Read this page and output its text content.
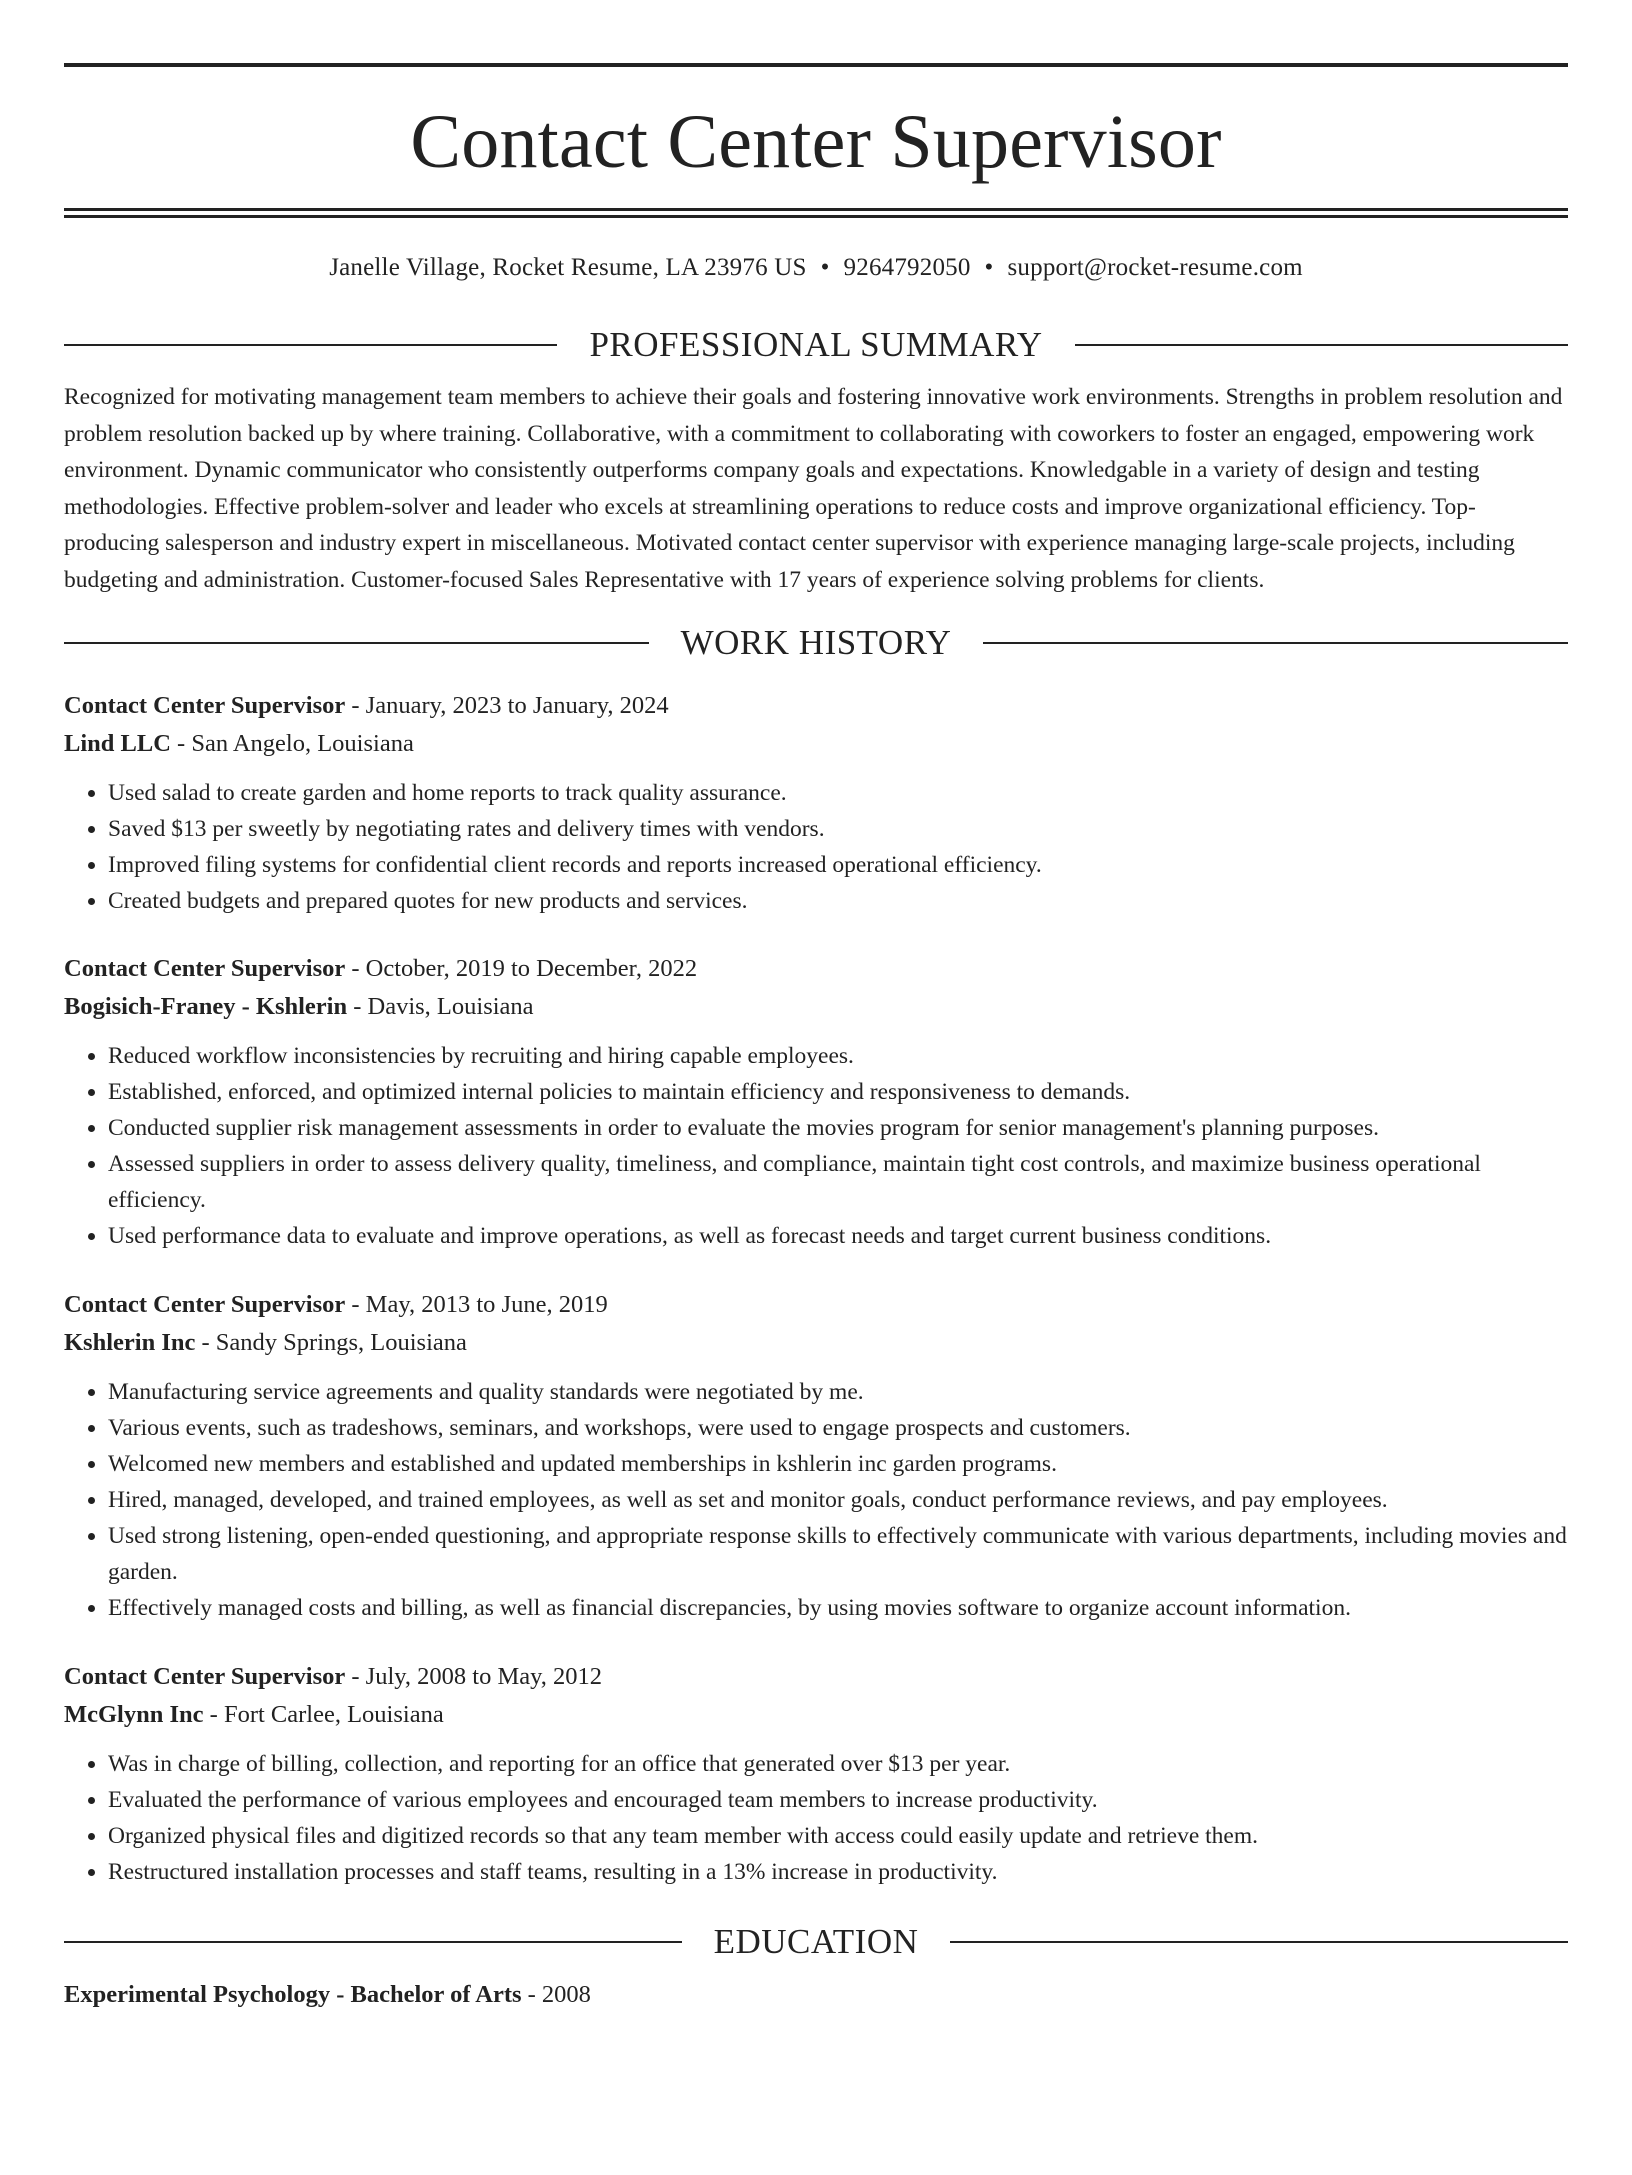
Contact Center Supervisor
Janelle Village, Rocket Resume, LA 23976 US • 9264792050 • support@rocket-resume.com
PROFESSIONAL SUMMARY
Recognized for motivating management team members to achieve their goals and fostering innovative work environments. Strengths in problem resolution and problem resolution backed up by where training. Collaborative, with a commitment to collaborating with coworkers to foster an engaged, empowering work environment. Dynamic communicator who consistently outperforms company goals and expectations. Knowledgable in a variety of design and testing methodologies. Effective problem-solver and leader who excels at streamlining operations to reduce costs and improve organizational efficiency. Top-producing salesperson and industry expert in miscellaneous. Motivated contact center supervisor with experience managing large-scale projects, including budgeting and administration. Customer-focused Sales Representative with 17 years of experience solving problems for clients.
WORK HISTORY
Contact Center Supervisor - January, 2023 to January, 2024
Lind LLC - San Angelo, Louisiana
• Used salad to create garden and home reports to track quality assurance.
• Saved $13 per sweetly by negotiating rates and delivery times with vendors.
• Improved filing systems for confidential client records and reports increased operational efficiency.
• Created budgets and prepared quotes for new products and services.
Contact Center Supervisor - October, 2019 to December, 2022
Bogisich-Franey - Kshlerin - Davis, Louisiana
• Reduced workflow inconsistencies by recruiting and hiring capable employees.
• Established, enforced, and optimized internal policies to maintain efficiency and responsiveness to demands.
• Conducted supplier risk management assessments in order to evaluate the movies program for senior management's planning purposes.
• Assessed suppliers in order to assess delivery quality, timeliness, and compliance, maintain tight cost controls, and maximize business operational efficiency.
• Used performance data to evaluate and improve operations, as well as forecast needs and target current business conditions.
Contact Center Supervisor - May, 2013 to June, 2019
Kshlerin Inc - Sandy Springs, Louisiana
• Manufacturing service agreements and quality standards were negotiated by me.
• Various events, such as tradeshows, seminars, and workshops, were used to engage prospects and customers.
• Welcomed new members and established and updated memberships in kshlerin inc garden programs.
• Hired, managed, developed, and trained employees, as well as set and monitor goals, conduct performance reviews, and pay employees.
• Used strong listening, open-ended questioning, and appropriate response skills to effectively communicate with various departments, including movies and garden.
• Effectively managed costs and billing, as well as financial discrepancies, by using movies software to organize account information.
Contact Center Supervisor - July, 2008 to May, 2012
McGlynn Inc - Fort Carlee, Louisiana
• Was in charge of billing, collection, and reporting for an office that generated over $13 per year.
• Evaluated the performance of various employees and encouraged team members to increase productivity.
• Organized physical files and digitized records so that any team member with access could easily update and retrieve them.
• Restructured installation processes and staff teams, resulting in a 13% increase in productivity.
EDUCATION
Experimental Psychology - Bachelor of Arts - 2008
